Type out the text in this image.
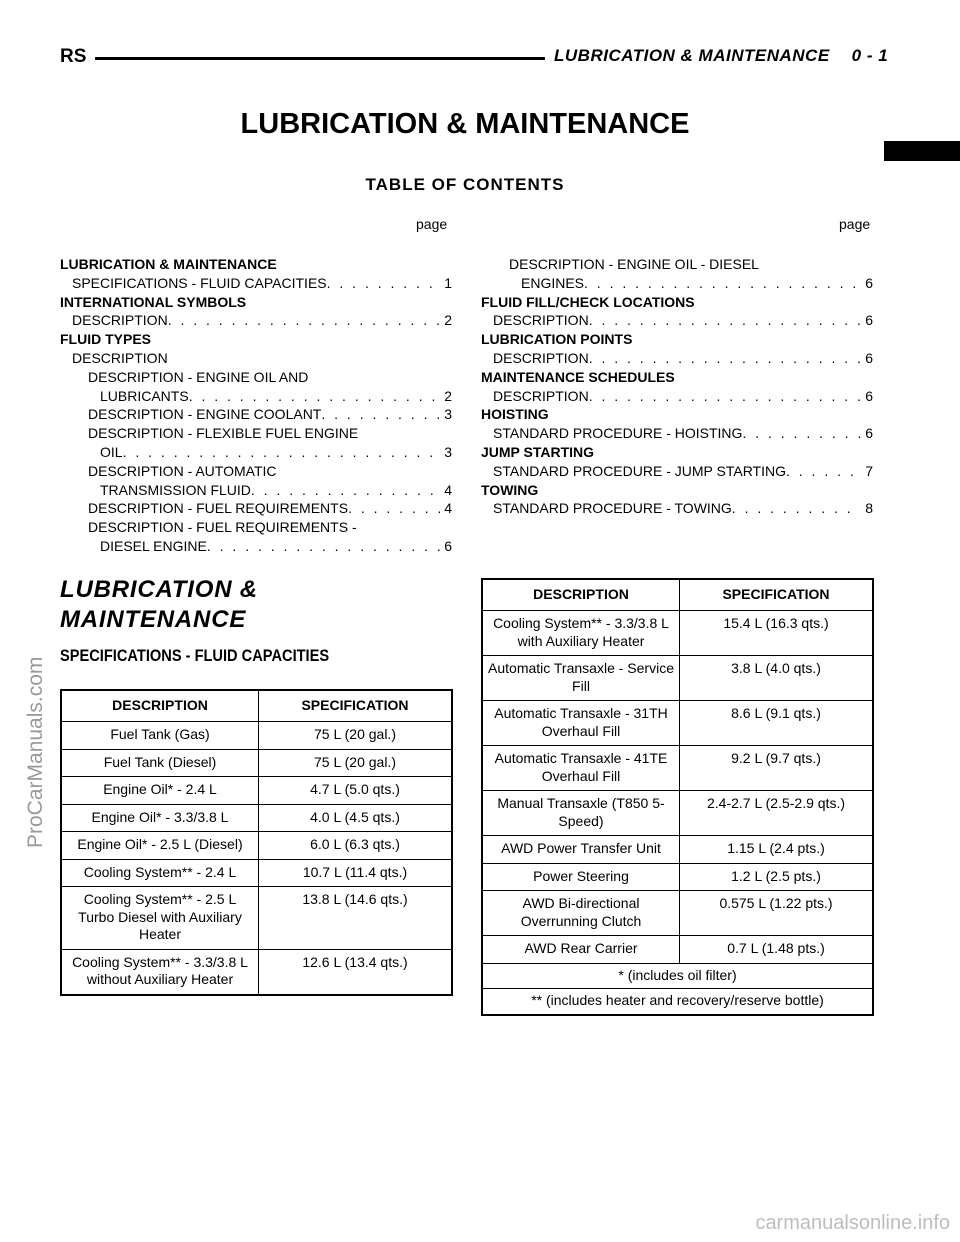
RS	LUBRICATION & MAINTENANCE 0 - 1
ProCarManuals.com
carmanualsonline.info
LUBRICATION & MAINTENANCE
TABLE OF CONTENTS
page	page
LUBRICATION & MAINTENANCE
SPECIFICATIONS - FLUID CAPACITIES . . .	1
INTERNATIONAL SYMBOLS
DESCRIPTION . . .	2
FLUID TYPES
DESCRIPTION
DESCRIPTION - ENGINE OIL AND
LUBRICANTS . . .	2
DESCRIPTION - ENGINE COOLANT . . .	3
DESCRIPTION - FLEXIBLE FUEL ENGINE
OIL . . .	3
DESCRIPTION - AUTOMATIC
TRANSMISSION FLUID . . .	4
DESCRIPTION - FUEL REQUIREMENTS . . .	4
DESCRIPTION - FUEL REQUIREMENTS -
DIESEL ENGINE . . .	6
DESCRIPTION - ENGINE OIL - DIESEL
ENGINES . . .	6
FLUID FILL/CHECK LOCATIONS
DESCRIPTION . . .	6
LUBRICATION POINTS
DESCRIPTION . . .	6
MAINTENANCE SCHEDULES
DESCRIPTION . . .	6
HOISTING
STANDARD PROCEDURE - HOISTING . . .	6
JUMP STARTING
STANDARD PROCEDURE - JUMP STARTING . . .	7
TOWING
STANDARD PROCEDURE - TOWING . . .	8
LUBRICATION &
MAINTENANCE
SPECIFICATIONS - FLUID CAPACITIES
DESCRIPTION	SPECIFICATION
Fuel Tank (Gas)	75 L (20 gal.)
Fuel Tank (Diesel)	75 L (20 gal.)
Engine Oil* - 2.4 L	4.7 L (5.0 qts.)
Engine Oil* - 3.3/3.8 L	4.0 L (4.5 qts.)
Engine Oil* - 2.5 L (Diesel)	6.0 L (6.3 qts.)
Cooling System** - 2.4 L	10.7 L (11.4 qts.)
Cooling System** - 2.5 L Turbo Diesel with Auxiliary Heater	13.8 L (14.6 qts.)
Cooling System** - 3.3/3.8 L without Auxiliary Heater	12.6 L (13.4 qts.)
DESCRIPTION	SPECIFICATION
Cooling System** - 3.3/3.8 L with Auxiliary Heater	15.4 L (16.3 qts.)
Automatic Transaxle - Service Fill	3.8 L (4.0 qts.)
Automatic Transaxle - 31TH Overhaul Fill	8.6 L (9.1 qts.)
Automatic Transaxle - 41TE Overhaul Fill	9.2 L (9.7 qts.)
Manual Transaxle (T850 5-Speed)	2.4-2.7 L (2.5-2.9 qts.)
AWD Power Transfer Unit	1.15 L (2.4 pts.)
Power Steering	1.2 L (2.5 pts.)
AWD Bi-directional Overrunning Clutch	0.575 L (1.22 pts.)
AWD Rear Carrier	0.7 L (1.48 pts.)
* (includes oil filter)	
** (includes heater and recovery/reserve bottle)	
